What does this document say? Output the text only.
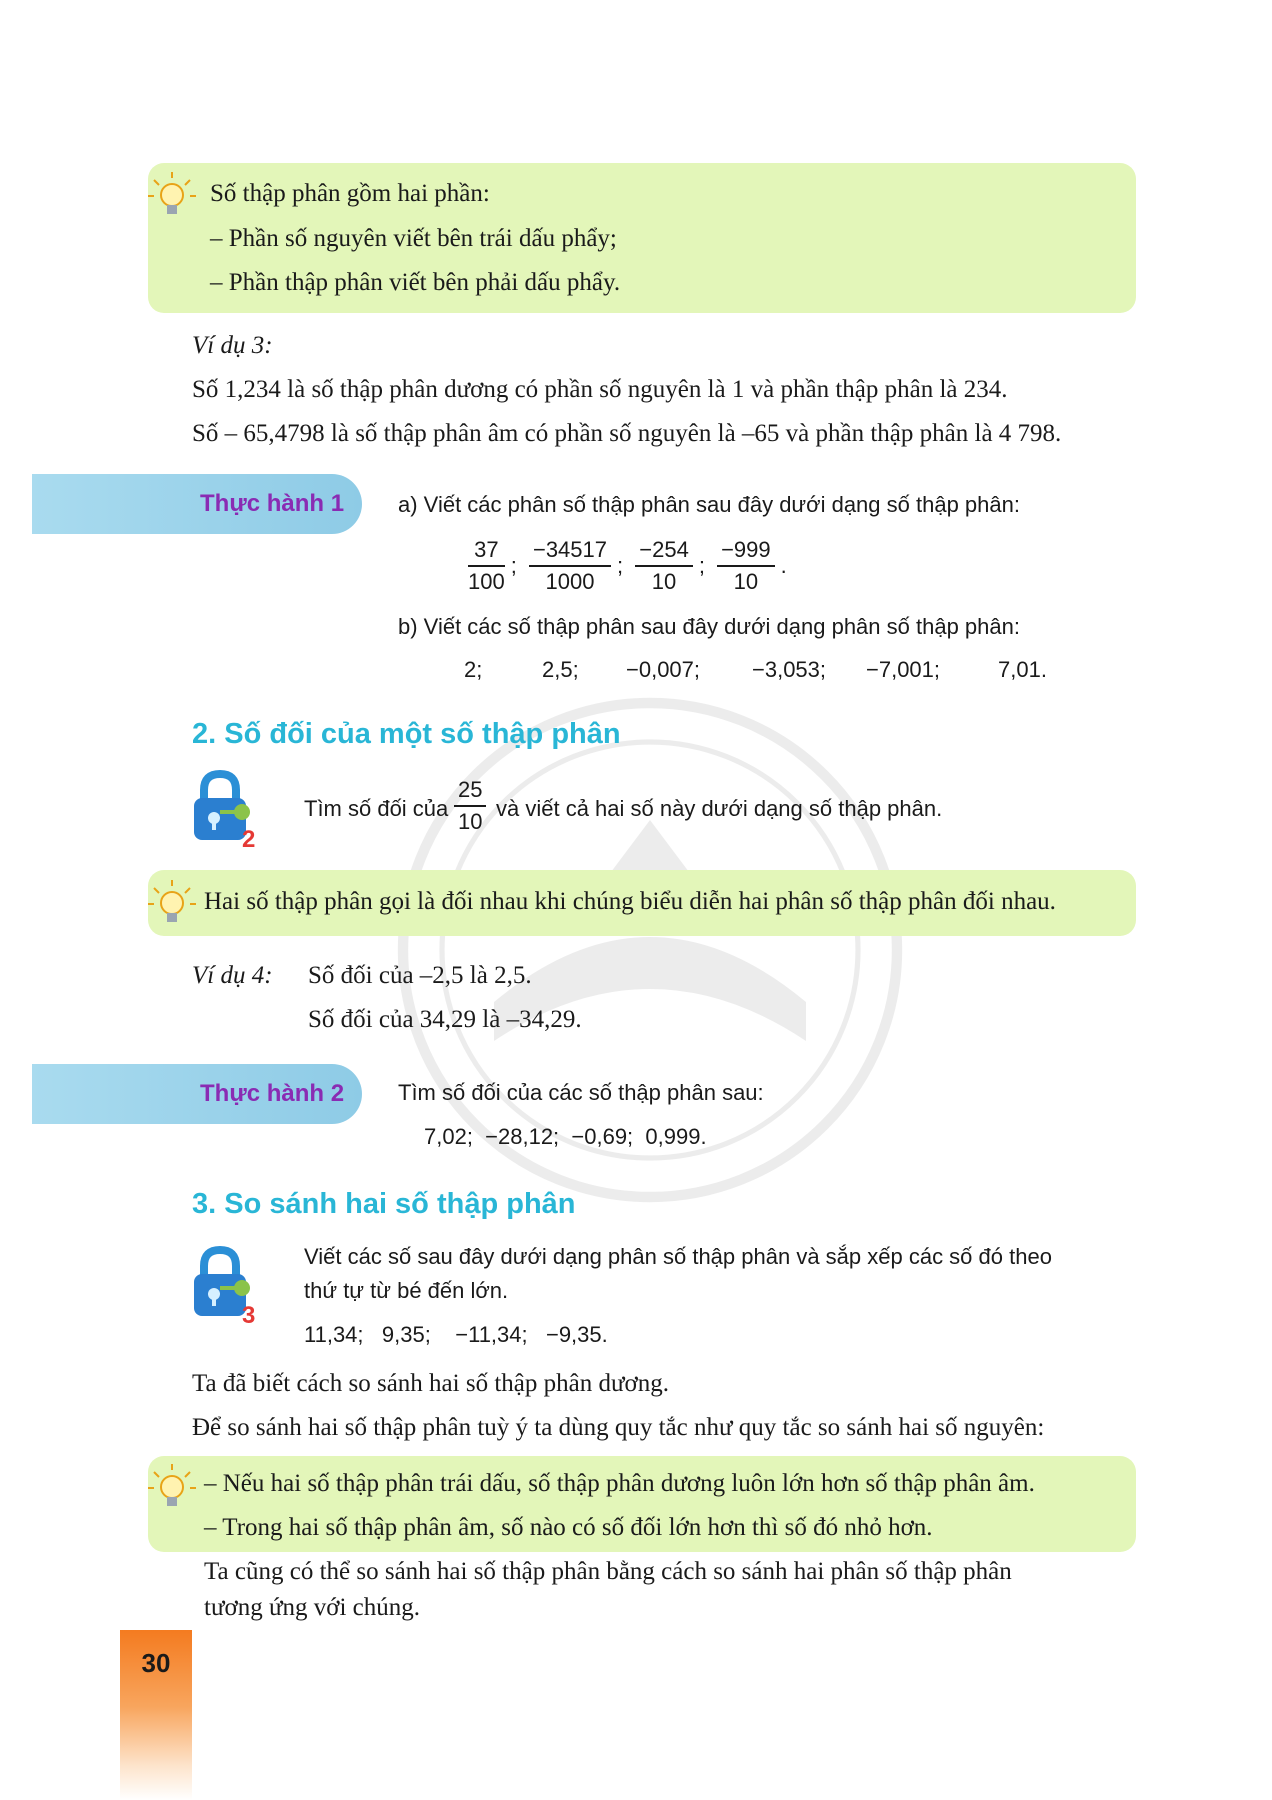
Số thập phân gồm hai phần:
– Phần số nguyên viết bên trái dấu phẩy;
– Phần thập phân viết bên phải dấu phẩy.
Ví dụ 3:
Số 1,234 là số thập phân dương có phần số nguyên là 1 và phần thập phân là 234.
Số – 65,4798 là số thập phân âm có phần số nguyên là –65 và phần thập phân là 4 798.
Thực hành 1 a) Viết các phân số thập phân sau đây dưới dạng số thập phân:
$\frac{37}{100}$ ; $\frac{-34517}{1000}$ ; $\frac{-254}{10}$ ; $\frac{-999}{10}$ .
b) Viết các số thập phân sau đây dưới dạng phân số thập phân:
2;	2,5; −0,007; −3,053; −7,001;	7,01.
2. Số đối của một số thập phân
2
Tìm số đối của $\frac{25}{10}$ và viết cả hai số này dưới dạng số thập phân.
Hai số thập phân gọi là đối nhau khi chúng biểu diễn hai phân số thập phân đối nhau.
Ví dụ 4: Số đối của –2,5 là 2,5.
Số đối của 34,29 là –34,29.
Thực hành 2 Tìm số đối của các số thập phân sau:
7,02;  −28,12;  −0,69;  0,999.
3. So sánh hai số thập phân
3
Viết các số sau đây dưới dạng phân số thập phân và sắp xếp các số đó theo
thứ tự từ bé đến lớn.
11,34;   9,35;    −11,34;   −9,35.
Ta đã biết cách so sánh hai số thập phân dương.
Để so sánh hai số thập phân tuỳ ý ta dùng quy tắc như quy tắc so sánh hai số nguyên:
– Nếu hai số thập phân trái dấu, số thập phân dương luôn lớn hơn số thập phân âm.
– Trong hai số thập phân âm, số nào có số đối lớn hơn thì số đó nhỏ hơn.
Ta cũng có thể so sánh hai số thập phân bằng cách so sánh hai phân số thập phân
tương ứng với chúng.
30
